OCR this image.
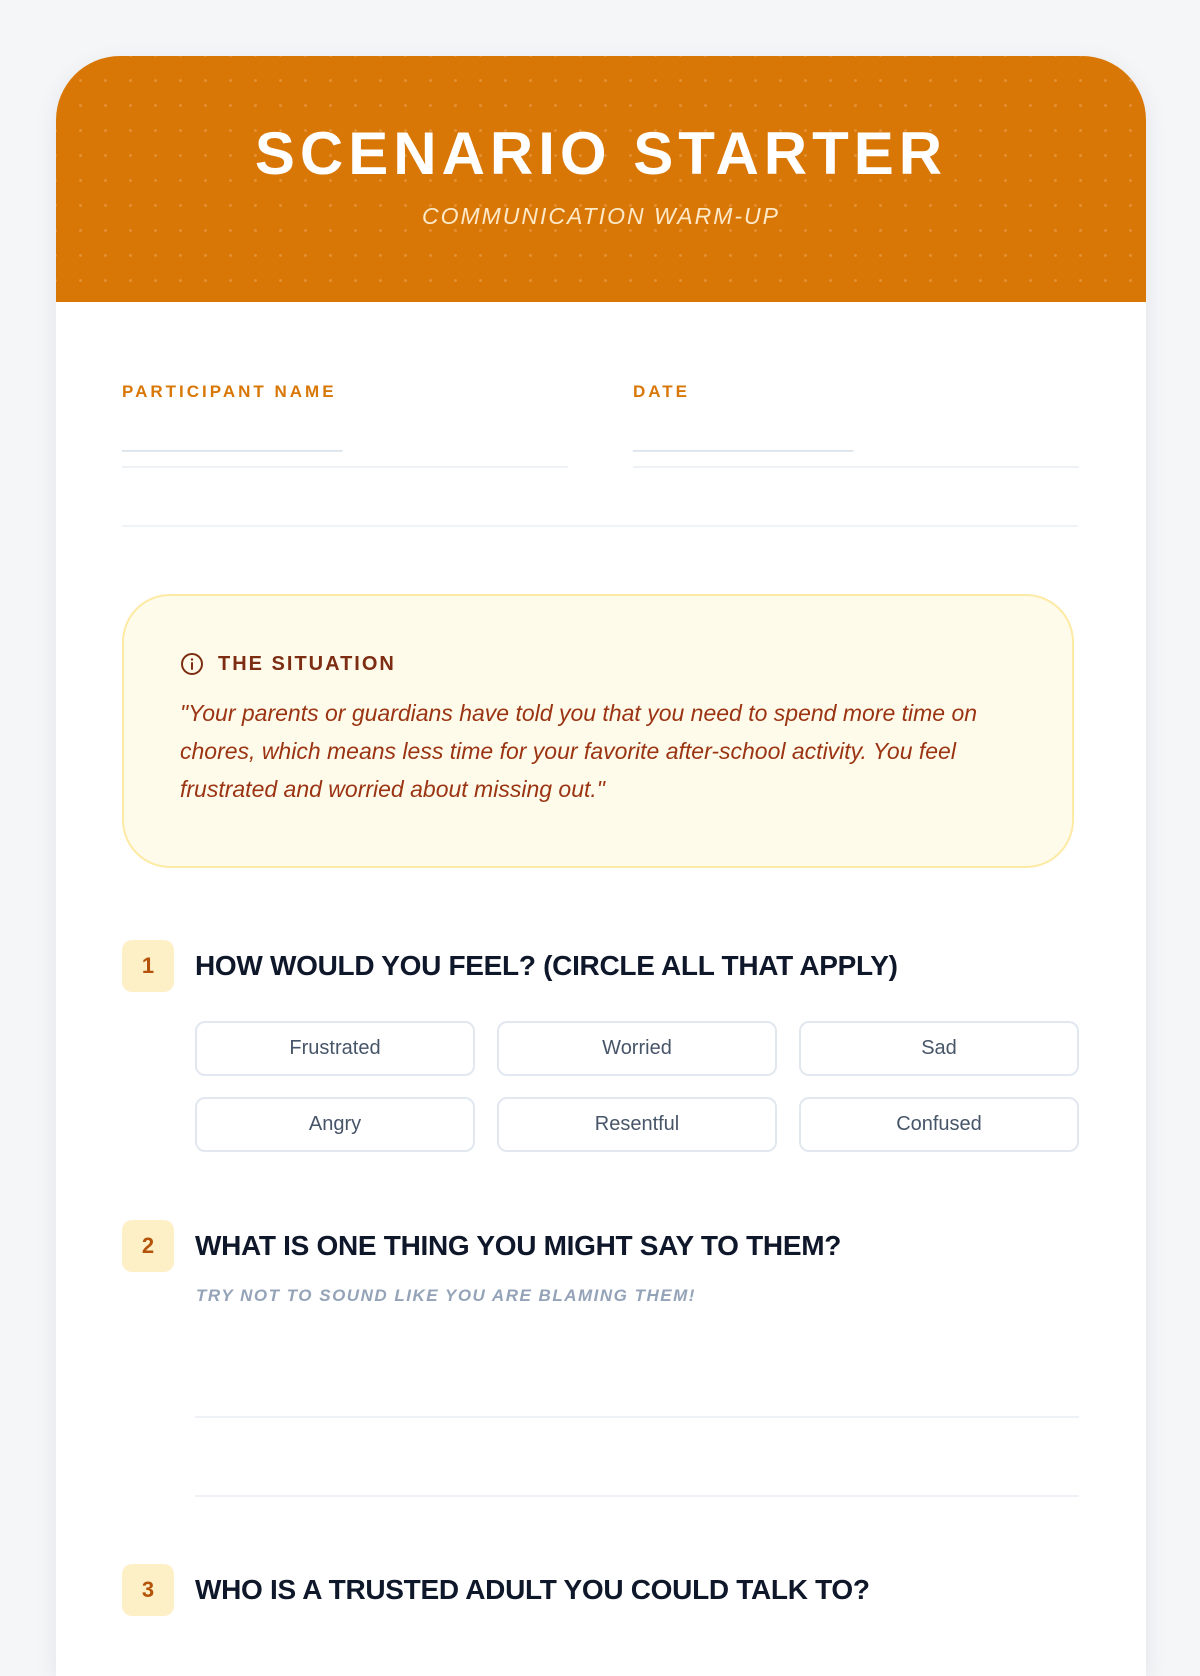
SCENARIO STARTER
COMMUNICATION WARM-UP
PARTICIPANT NAME
______________________
DATE
______________________
THE SITUATION
"Your parents or guardians have told you that you need to spend more time on chores, which means less time for your favorite after-school activity. You feel frustrated and worried about missing out."
1	HOW WOULD YOU FEEL? (CIRCLE ALL THAT APPLY)
Frustrated	Worried	Sad
Angry	Resentful	Confused
2	WHAT IS ONE THING YOU MIGHT SAY TO THEM?
TRY NOT TO SOUND LIKE YOU ARE BLAMING THEM!
3	WHO IS A TRUSTED ADULT YOU COULD TALK TO?
